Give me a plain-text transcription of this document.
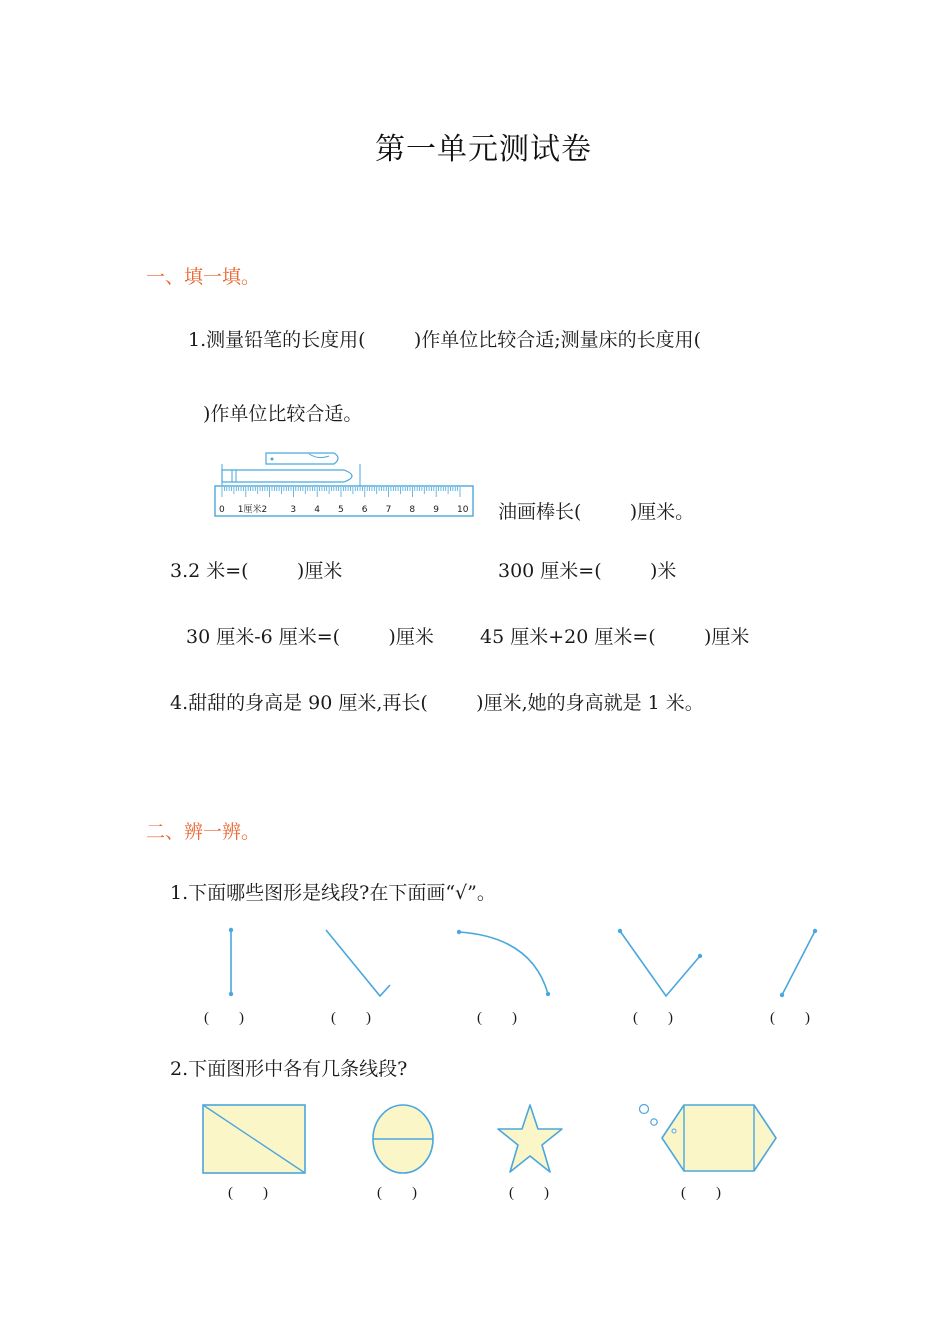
第一单元测试卷
一、填一填。
1.测量铅笔的长度用(        )作单位比较合适;测量床的长度用(
)作单位比较合适。
0 1厘米2	3 4 5 6 7 8 9 10 油画棒长(        )厘米。
3.2 米=(        )厘米	300 厘米=(        )米
30 厘米-6 厘米=(        )厘米 45 厘米+20 厘米=(        )厘米
4.甜甜的身高是 90 厘米,再长(        )厘米,她的身高就是 1 米。
二、辨一辨。
1.下面哪些图形是线段?在下面画“√”。
(        )	(        )	(        )	(        )	(        )
2.下面图形中各有几条线段?
(        )	(        )	(        )	(        )
